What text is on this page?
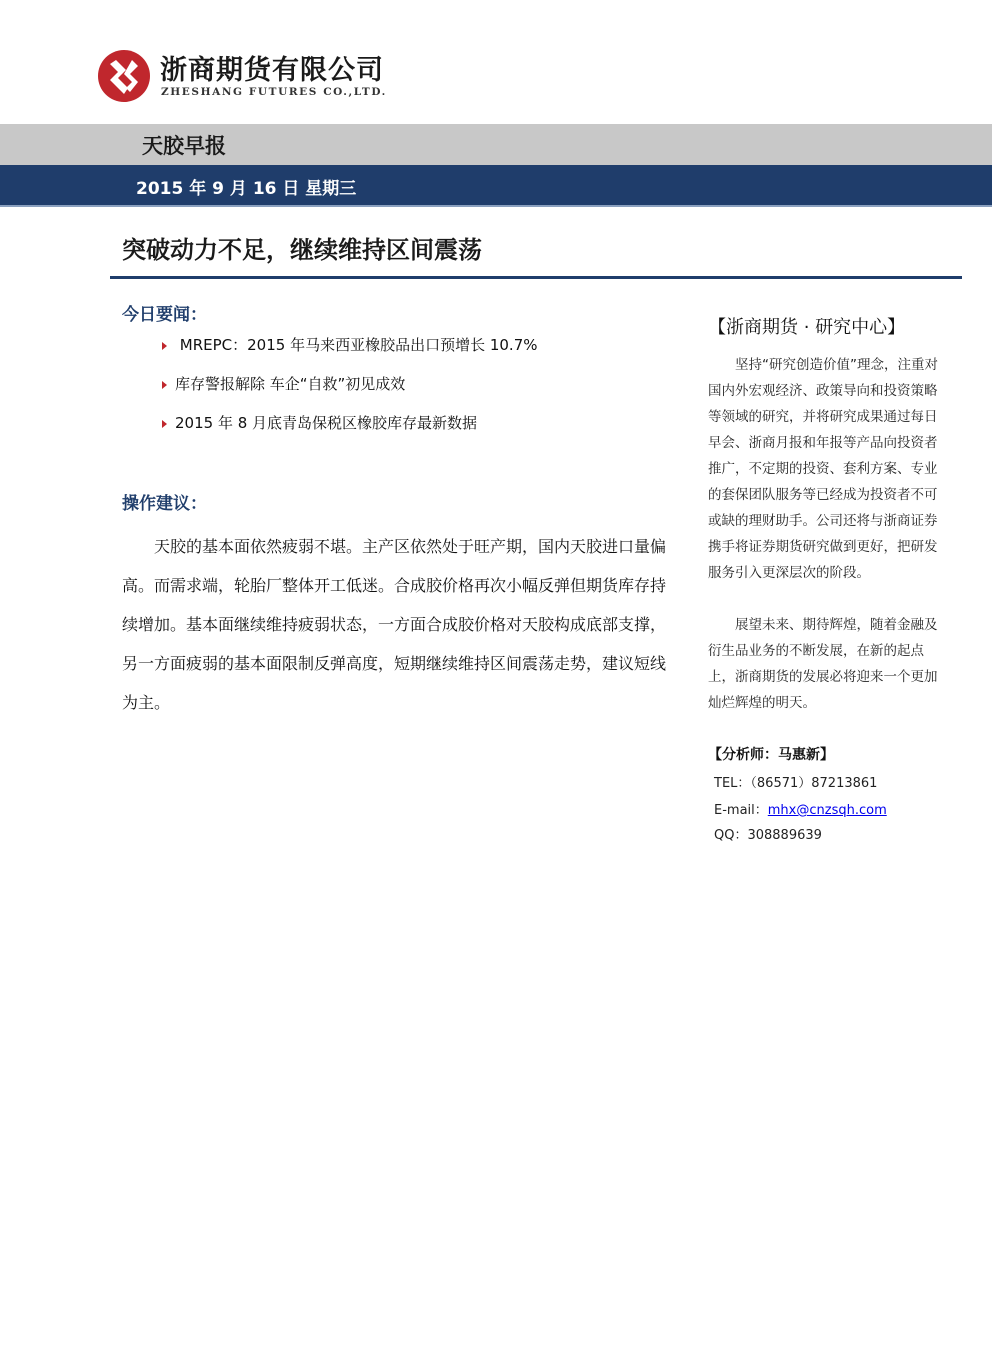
浙商期货有限公司
ZHESHANG FUTURES CO.,LTD.
天胶早报
2015 年 9 月 16 日 星期三
突破动力不足，继续维持区间震荡
今日要闻：
MREPC：2015 年马来西亚橡胶品出口预增长 10.7%
库存警报解除 车企“自救”初见成效
2015 年 8 月底青岛保税区橡胶库存最新数据
操作建议：

天胶的基本面依然疲弱不堪。主产区依然处于旺产期，国内天胶进口量偏高。而需求端，轮胎厂整体开工低迷。合成胶价格再次小幅反弹但期货库存持续增加。基本面继续维持疲弱状态，一方面合成胶价格对天胶构成底部支撑，另一方面疲弱的基本面限制反弹高度，短期继续维持区间震荡走势，建议短线为主。

【浙商期货 · 研究中心】

坚持“研究创造价值”理念，注重对国内外宏观经济、政策导向和投资策略等领域的研究，并将研究成果通过每日早会、浙商月报和年报等产品向投资者推广，不定期的投资、套利方案、专业的套保团队服务等已经成为投资者不可或缺的理财助手。公司还将与浙商证券携手将证券期货研究做到更好，把研发服务引入更深层次的阶段。

展望未来、期待辉煌，随着金融及衍生品业务的不断发展，在新的起点上，浙商期货的发展必将迎来一个更加灿烂辉煌的明天。

【分析师：马惠新】
TEL：（86571）87213861
E-mail：mhx@cnzsqh.com
QQ：308889639
